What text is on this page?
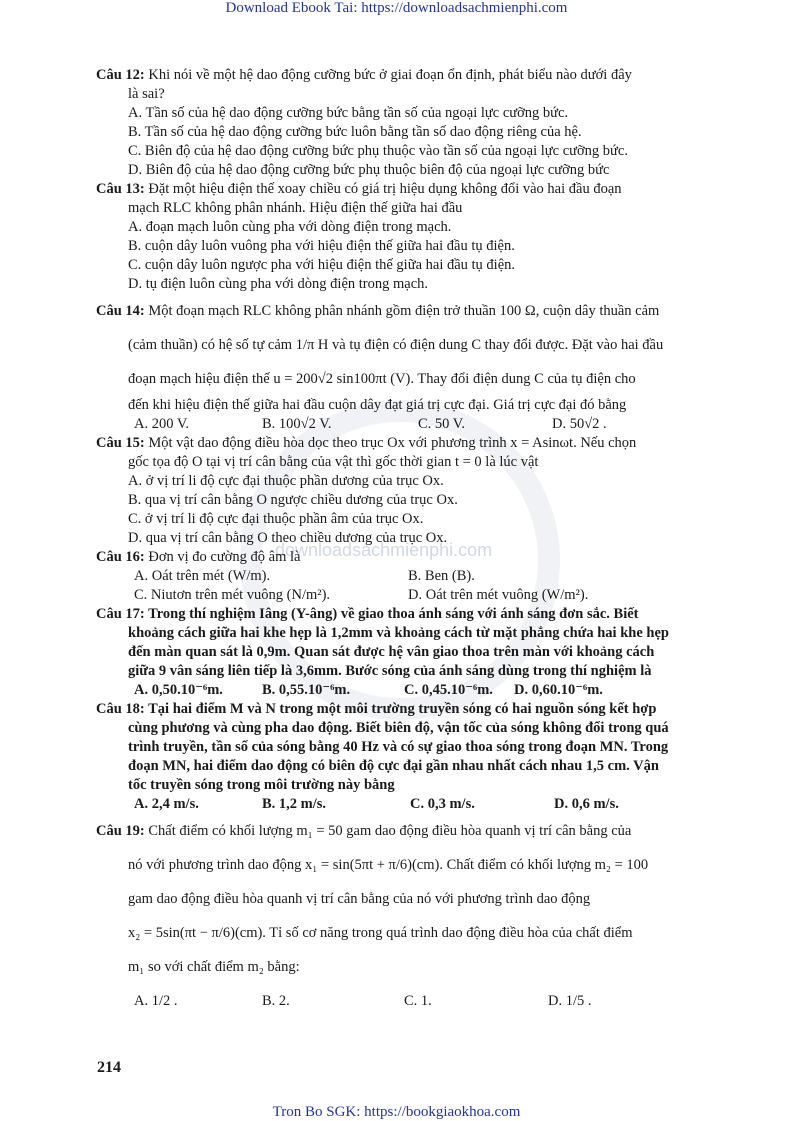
Download Ebook Tai: https://downloadsachmienphi.com
downloadsachmienphi.com

Câu 12: Khi nói về một hệ dao động cưỡng bức ở giai đoạn ổn định, phát biểu nào dưới đây

là sai?

A. Tần số của hệ dao động cưỡng bức bằng tần số của ngoại lực cưỡng bức.

B. Tần số của hệ dao động cưỡng bức luôn bằng tần số dao động riêng của hệ.

C. Biên độ của hệ dao động cưỡng bức phụ thuộc vào tần số của ngoại lực cưỡng bức.

D. Biên độ của hệ dao động cưỡng bức phụ thuộc biên độ của ngoại lực cưỡng bức

Câu 13: Đặt một hiệu điện thế xoay chiều có giá trị hiệu dụng không đổi vào hai đầu đoạn

mạch RLC không phân nhánh. Hiệu điện thế giữa hai đầu

A. đoạn mạch luôn cùng pha với dòng điện trong mạch.

B. cuộn dây luôn vuông pha với hiệu điện thế giữa hai đầu tụ điện.

C. cuộn dây luôn ngược pha với hiệu điện thế giữa hai đầu tụ điện.

D. tụ điện luôn cùng pha với dòng điện trong mạch.

Câu 14: Một đoạn mạch RLC không phân nhánh gồm điện trở thuần 100 Ω, cuộn dây thuần cảm

(cảm thuần) có hệ số tự cảm 1/π H và tụ điện có điện dung C thay đổi được. Đặt vào hai đầu

đoạn mạch hiệu điện thế u = 200√2 sin100πt (V). Thay đổi điện dung C của tụ điện cho

đến khi hiệu điện thế giữa hai đầu cuộn dây đạt giá trị cực đại. Giá trị cực đại đó bằng

A. 200 V.	B. 100√2 V.	C. 50 V.	D. 50√2 .

Câu 15: Một vật dao động điều hòa dọc theo trục Ox với phương trình x = Asinωt. Nếu chọn

gốc tọa độ O tại vị trí cân bằng của vật thì gốc thời gian t = 0 là lúc vật

A. ở vị trí li độ cực đại thuộc phần dương của trục Ox.

B. qua vị trí cân bằng O ngược chiều dương của trục Ox.

C. ở vị trí li độ cực đại thuộc phần âm của trục Ox.

D. qua vị trí cân bằng O theo chiều dương của trục Ox.

Câu 16: Đơn vị đo cường độ âm là

A. Oát trên mét (W/m).	B. Ben (B).
C. Niutơn trên mét vuông (N/m²).	D. Oát trên mét vuông (W/m²).

Câu 17: Trong thí nghiệm Iâng (Y-âng) về giao thoa ánh sáng với ánh sáng đơn sắc. Biết

khoảng cách giữa hai khe hẹp là 1,2mm và khoảng cách từ mặt phẳng chứa hai khe hẹp

đến màn quan sát là 0,9m. Quan sát được hệ vân giao thoa trên màn với khoảng cách

giữa 9 vân sáng liên tiếp là 3,6mm. Bước sóng của ánh sáng dùng trong thí nghiệm là

A. 0,50.10⁻⁶m.	B. 0,55.10⁻⁶m.	C. 0,45.10⁻⁶m.	D. 0,60.10⁻⁶m.

Câu 18: Tại hai điểm M và N trong một môi trường truyền sóng có hai nguồn sóng kết hợp

cùng phương và cùng pha dao động. Biết biên độ, vận tốc của sóng không đổi trong quá

trình truyền, tần số của sóng bằng 40 Hz và có sự giao thoa sóng trong đoạn MN. Trong

đoạn MN, hai điểm dao động có biên độ cực đại gần nhau nhất cách nhau 1,5 cm. Vận

tốc truyền sóng trong môi trường này bằng

A. 2,4 m/s.	B. 1,2 m/s.	C. 0,3 m/s.	D. 0,6 m/s.

Câu 19: Chất điểm có khối lượng m₁ = 50 gam dao động điều hòa quanh vị trí cân bằng của

nó với phương trình dao động x₁ = sin(5πt + π/6)(cm). Chất điểm có khối lượng m₂ = 100

gam dao động điều hòa quanh vị trí cân bằng của nó với phương trình dao động

x₂ = 5sin(πt − π/6)(cm). Tỉ số cơ năng trong quá trình dao động điều hòa của chất điểm

m₁ so với chất điểm m₂ bằng:

A. 1/2 .	B. 2.	C. 1.	D. 1/5 .
214
Tron Bo SGK: https://bookgiaokhoa.com
